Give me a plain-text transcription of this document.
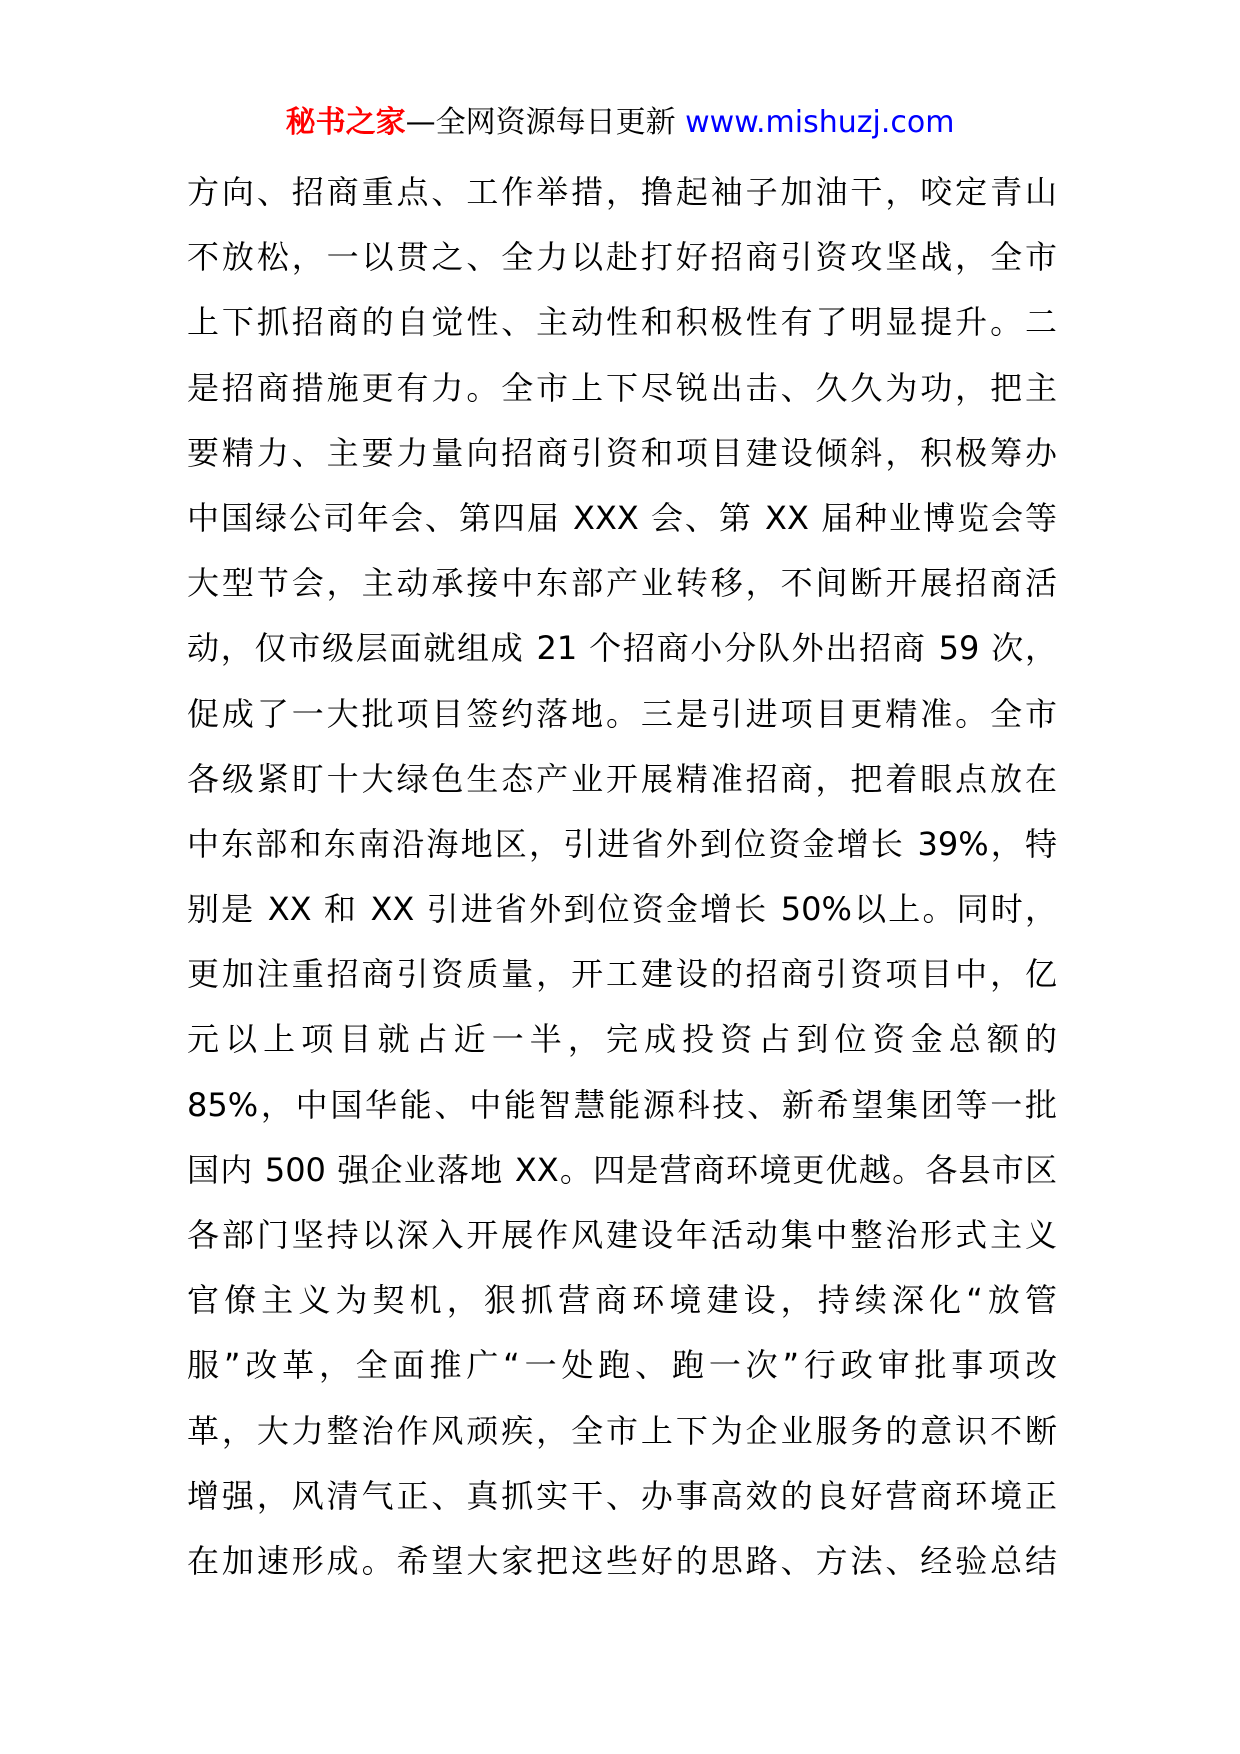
秘书之家—全网资源每日更新 www.mishuzj.com
方向、招商重点、工作举措，撸起袖子加油干，咬定青山
不放松，一以贯之、全力以赴打好招商引资攻坚战，全市
上下抓招商的自觉性、主动性和积极性有了明显提升。二
是招商措施更有力。全市上下尽锐出击、久久为功，把主
要精力、主要力量向招商引资和项目建设倾斜，积极筹办
中国绿公司年会、第四届 XXX 会、第 XX 届种业博览会等
大型节会，主动承接中东部产业转移，不间断开展招商活
动，仅市级层面就组成 21 个招商小分队外出招商 59 次，
促成了一大批项目签约落地。三是引进项目更精准。全市
各级紧盯十大绿色生态产业开展精准招商，把着眼点放在
中东部和东南沿海地区，引进省外到位资金增长 39%，特
别是 XX 和 XX 引进省外到位资金增长 50%以上。同时，
更加注重招商引资质量，开工建设的招商引资项目中，亿
元以上项目就占近一半，完成投资占到位资金总额的
85%，中国华能、中能智慧能源科技、新希望集团等一批
国内 500 强企业落地 XX。四是营商环境更优越。各县市区
各部门坚持以深入开展作风建设年活动集中整治形式主义
官僚主义为契机，狠抓营商环境建设，持续深化“放管
服”改革，全面推广“一处跑、跑一次”行政审批事项改
革，大力整治作风顽疾，全市上下为企业服务的意识不断
增强，风清气正、真抓实干、办事高效的良好营商环境正
在加速形成。希望大家把这些好的思路、方法、经验总结
